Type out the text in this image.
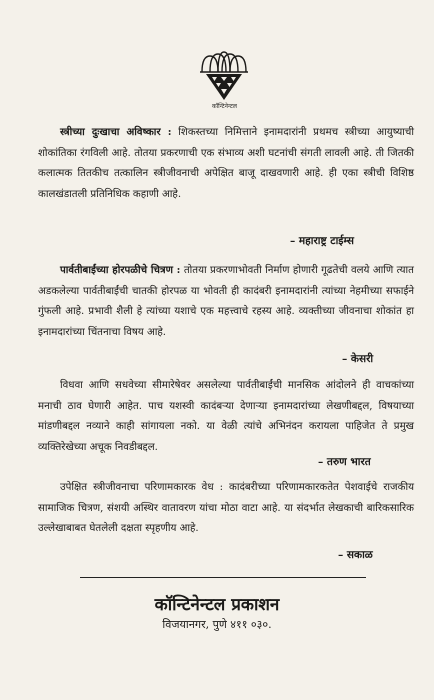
कॉन्टिनेन्टल

स्त्रीच्या दुःखाचा अविष्कार : शिकस्तच्या निमित्ताने इनामदारांनी प्रथमच स्त्रीच्या आयुष्याची शोकांतिका रंगविली आहे. तोतया प्रकरणाची एक संभाव्य अशी घटनांची संगती लावली आहे. ती जितकी कलात्मक तितकीच तत्कालिन स्त्रीजीवनाची अपेक्षित बाजू दाखवणारी आहे. ही एका स्त्रीची विशिष्ठ कालखंडातली प्रतिनिधिक कहाणी आहे.

– महाराष्ट्र टाईम्स

पार्वतीबाईंच्या होरपळीचे चित्रण : तोतया प्रकरणाभोवती निर्माण होणारी गूढतेची वलये आणि त्यात अडकलेल्या पार्वतीबाईंची चातकी होरपळ या भोवती ही कादंबरी इनामदारांनी त्यांच्या नेहमीच्या सफाईने गुंफली आहे. प्रभावी शैली हे त्यांच्या यशाचे एक महत्त्वाचे रहस्य आहे. व्यक्तीच्या जीवनाचा शोकांत हा इनामदारांच्या चिंतनाचा विषय आहे.

– केसरी

विधवा आणि सधवेच्या सीमारेषेवर असलेल्या पार्वतीबाईंची मानसिक आंदोलने ही वाचकांच्या मनाची ठाव घेणारी आहेत. पाच यशस्वी कादंबऱ्या देणाऱ्या इनामदारांच्या लेखणीबद्दल, विषयाच्या मांडणीबद्दल नव्याने काही सांगायला नको. या वेळी त्यांचे अभिनंदन करायला पाहिजेत ते प्रमुख व्यक्तिरेखेच्या अचूक निवडीबद्दल.

– तरुण भारत

उपेक्षित स्त्रीजीवनाचा परिणामकारक वेध : कादंबरीच्या परिणामकारकतेत पेशवाईचे राजकीय सामाजिक चित्रण, संशयी अस्थिर वातावरण यांचा मोठा वाटा आहे. या संदर्भात लेखकाची बारिकसारिक उल्लेखाबाबत घेतलेली दक्षता स्पृहणीय आहे.

– सकाळ
कॉन्टिनेन्टल प्रकाशन
विजयानगर, पुणे ४११ ०३०.
